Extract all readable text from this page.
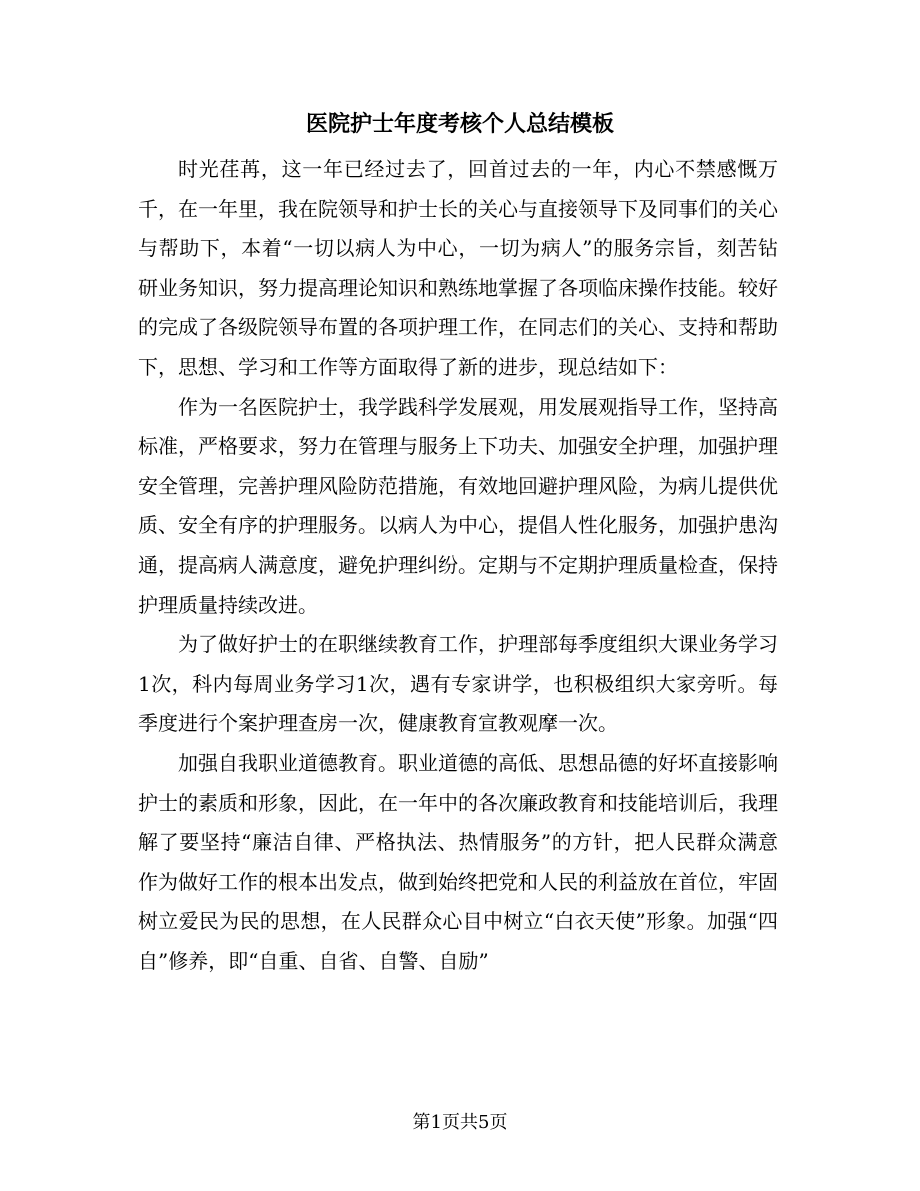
医院护士年度考核个人总结模板

时光荏苒，这一年已经过去了，回首过去的一年，内心不禁感慨万千，在一年里，我在院领导和护士长的关心与直接领导下及同事们的关心与帮助下，本着“一切以病人为中心，一切为病人”的服务宗旨，刻苦钻研业务知识，努力提高理论知识和熟练地掌握了各项临床操作技能。较好的完成了各级院领导布置的各项护理工作，在同志们的关心、支持和帮助下，思想、学习和工作等方面取得了新的进步，现总结如下：

作为一名医院护士，我学践科学发展观，用发展观指导工作，坚持高标准，严格要求，努力在管理与服务上下功夫、加强安全护理，加强护理安全管理，完善护理风险防范措施，有效地回避护理风险，为病儿提供优质、安全有序的护理服务。以病人为中心，提倡人性化服务，加强护患沟通，提高病人满意度，避免护理纠纷。定期与不定期护理质量检查，保持护理质量持续改进。

为了做好护士的在职继续教育工作，护理部每季度组织大课业务学习1次，科内每周业务学习1次，遇有专家讲学，也积极组织大家旁听。每季度进行个案护理查房一次，健康教育宣教观摩一次。

加强自我职业道德教育。职业道德的高低、思想品德的好坏直接影响护士的素质和形象，因此，在一年中的各次廉政教育和技能培训后，我理解了要坚持“廉洁自律、严格执法、热情服务”的方针，把人民群众满意作为做好工作的根本出发点，做到始终把党和人民的利益放在首位，牢固树立爱民为民的思想，在人民群众心目中树立“白衣天使”形象。加强“四自”修养，即“自重、自省、自警、自励”

第1页共5页
